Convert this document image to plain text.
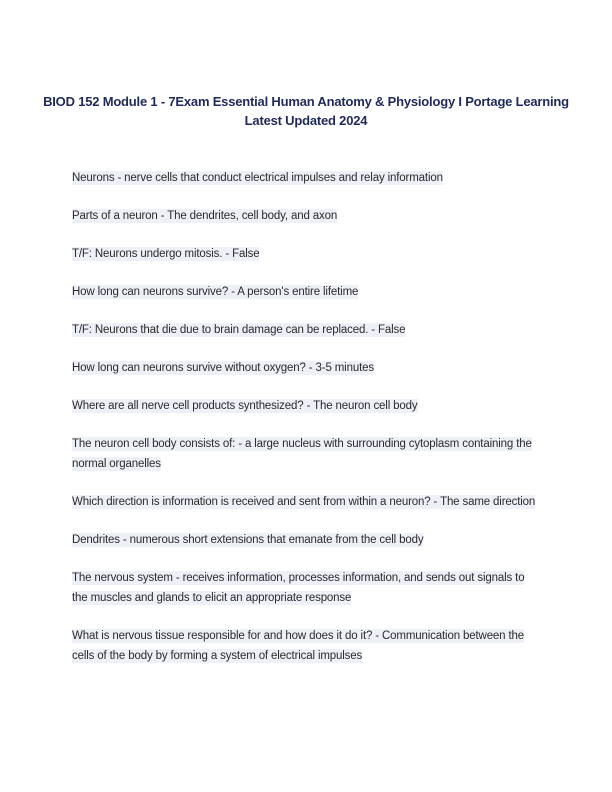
BIOD 152 Module 1 - 7Exam Essential Human Anatomy & Physiology I Portage Learning Latest Updated 2024
Neurons - nerve cells that conduct electrical impulses and relay information
Parts of a neuron - The dendrites, cell body, and axon
T/F: Neurons undergo mitosis. - False
How long can neurons survive? - A person's entire lifetime
T/F: Neurons that die due to brain damage can be replaced. - False
How long can neurons survive without oxygen? - 3-5 minutes
Where are all nerve cell products synthesized? - The neuron cell body
The neuron cell body consists of: - a large nucleus with surrounding cytoplasm containing the normal organelles
Which direction is information is received and sent from within a neuron? - The same direction
Dendrites - numerous short extensions that emanate from the cell body
The nervous system - receives information, processes information, and sends out signals to the muscles and glands to elicit an appropriate response
What is nervous tissue responsible for and how does it do it? - Communication between the cells of the body by forming a system of electrical impulses
